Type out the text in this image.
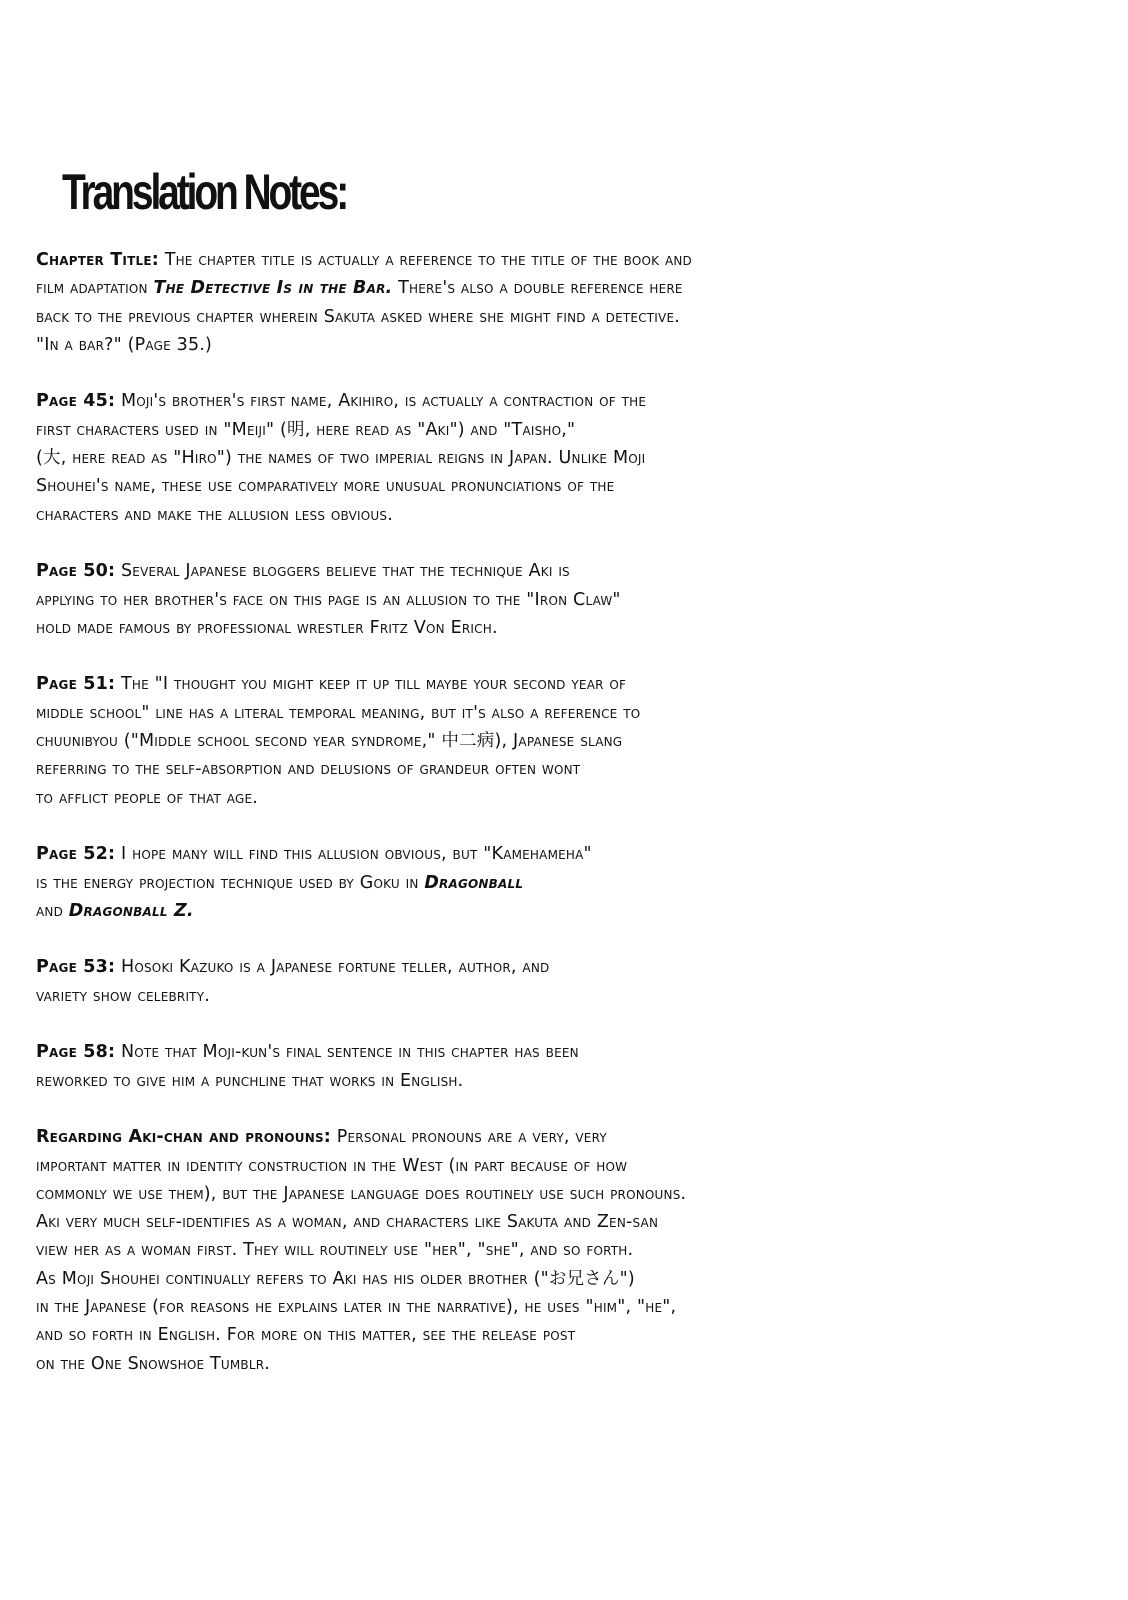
Translation Notes:

Chapter Title: The chapter title is actually a reference to the title of the book and
film adaptation The Detective Is in the Bar. There's also a double reference here
back to the previous chapter wherein Sakuta asked where she might find a detective.
"In a bar?" (Page 35.)

Page 45: Moji's brother's first name, Akihiro, is actually a contraction of the
first characters used in "Meiji" (明, here read as "Aki") and "Taisho,"
(大, here read as "Hiro") the names of two imperial reigns in Japan. Unlike Moji
Shouhei's name, these use comparatively more unusual pronunciations of the
characters and make the allusion less obvious.

Page 50: Several Japanese bloggers believe that the technique Aki is
applying to her brother's face on this page is an allusion to the "Iron Claw"
hold made famous by professional wrestler Fritz Von Erich.

Page 51: The "I thought you might keep it up till maybe your second year of
middle school" line has a literal temporal meaning, but it's also a reference to
chuunibyou ("Middle school second year syndrome," 中二病), Japanese slang
referring to the self-absorption and delusions of grandeur often wont
to afflict people of that age.

Page 52: I hope many will find this allusion obvious, but "Kamehameha"
is the energy projection technique used by Goku in Dragonball
and Dragonball Z.

Page 53: Hosoki Kazuko is a Japanese fortune teller, author, and
variety show celebrity.

Page 58: Note that Moji-kun's final sentence in this chapter has been
reworked to give him a punchline that works in English.

Regarding Aki-chan and pronouns: Personal pronouns are a very, very
important matter in identity construction in the West (in part because of how
commonly we use them), but the Japanese language does routinely use such pronouns.
Aki very much self-identifies as a woman, and characters like Sakuta and Zen-san
view her as a woman first. They will routinely use "her", "she", and so forth.
As Moji Shouhei continually refers to Aki has his older brother ("お兄さん")
in the Japanese (for reasons he explains later in the narrative), he uses "him", "he",
and so forth in English. For more on this matter, see the release post
on the One Snowshoe Tumblr.
